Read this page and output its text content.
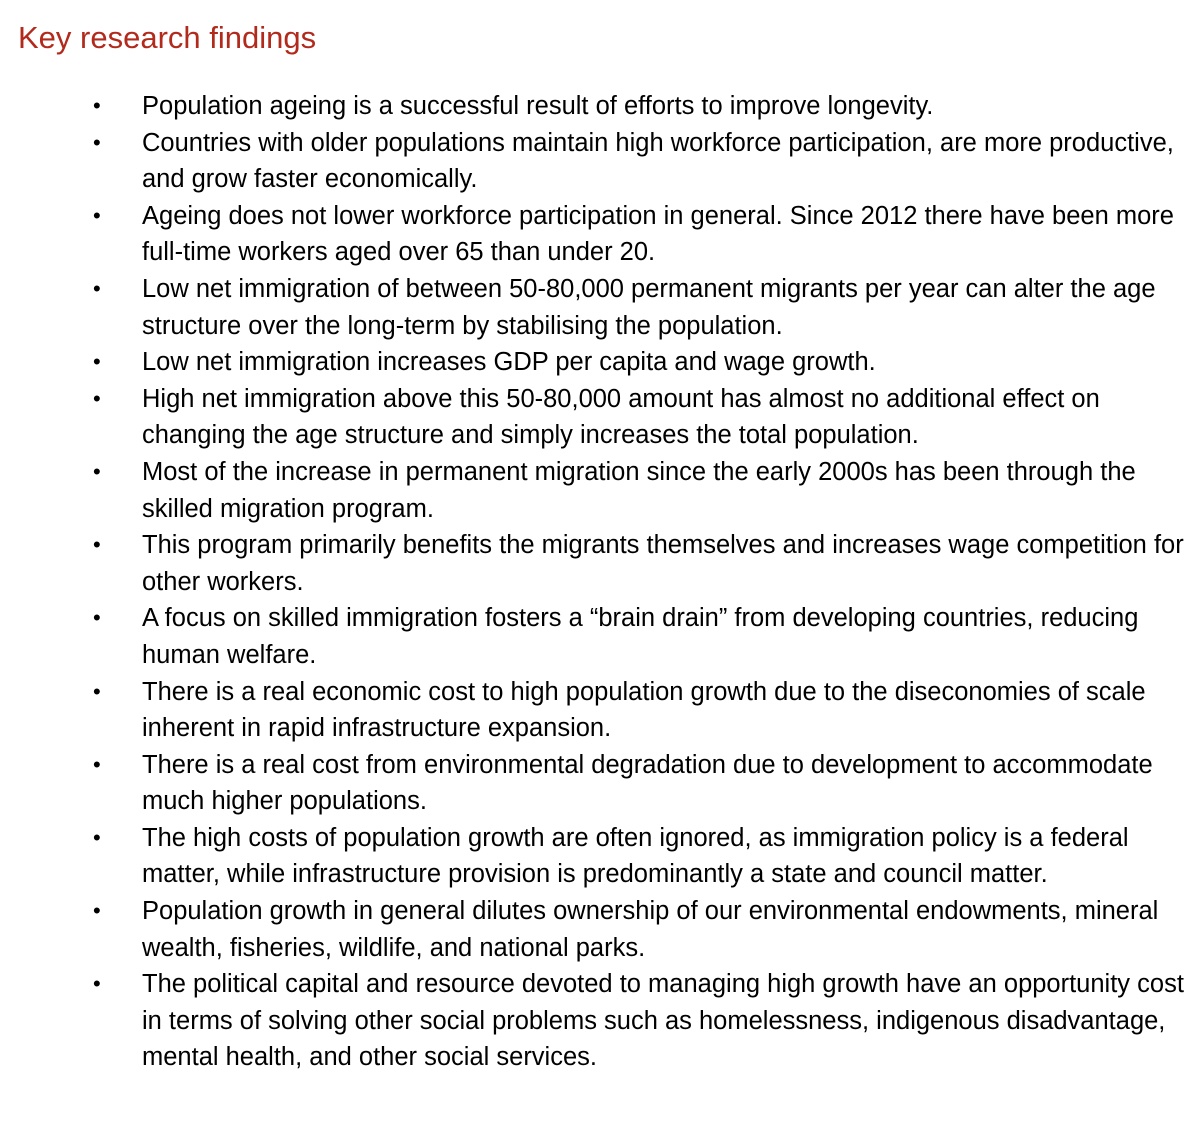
Key research findings
•	Population ageing is a successful result of efforts to improve longevity.
•	Countries with older populations maintain high workforce participation, are more productive, and grow faster economically.
•	Ageing does not lower workforce participation in general. Since 2012 there have been more full-time workers aged over 65 than under 20.
•	Low net immigration of between 50-80,000 permanent migrants per year can alter the age structure over the long-term by stabilising the population.
•	Low net immigration increases GDP per capita and wage growth.
•	High net immigration above this 50-80,000 amount has almost no additional effect on changing the age structure and simply increases the total population.
•	Most of the increase in permanent migration since the early 2000s has been through the skilled migration program.
•	This program primarily benefits the migrants themselves and increases wage competition for other workers.
•	A focus on skilled immigration fosters a “brain drain” from developing countries, reducing human welfare.
•	There is a real economic cost to high population growth due to the diseconomies of scale inherent in rapid infrastructure expansion.
•	There is a real cost from environmental degradation due to development to accommodate much higher populations.
•	The high costs of population growth are often ignored, as immigration policy is a federal matter, while infrastructure provision is predominantly a state and council matter.
•	Population growth in general dilutes ownership of our environmental endowments, mineral wealth, fisheries, wildlife, and national parks.
•	The political capital and resource devoted to managing high growth have an opportunity cost in terms of solving other social problems such as homelessness, indigenous disadvantage, mental health, and other social services.
